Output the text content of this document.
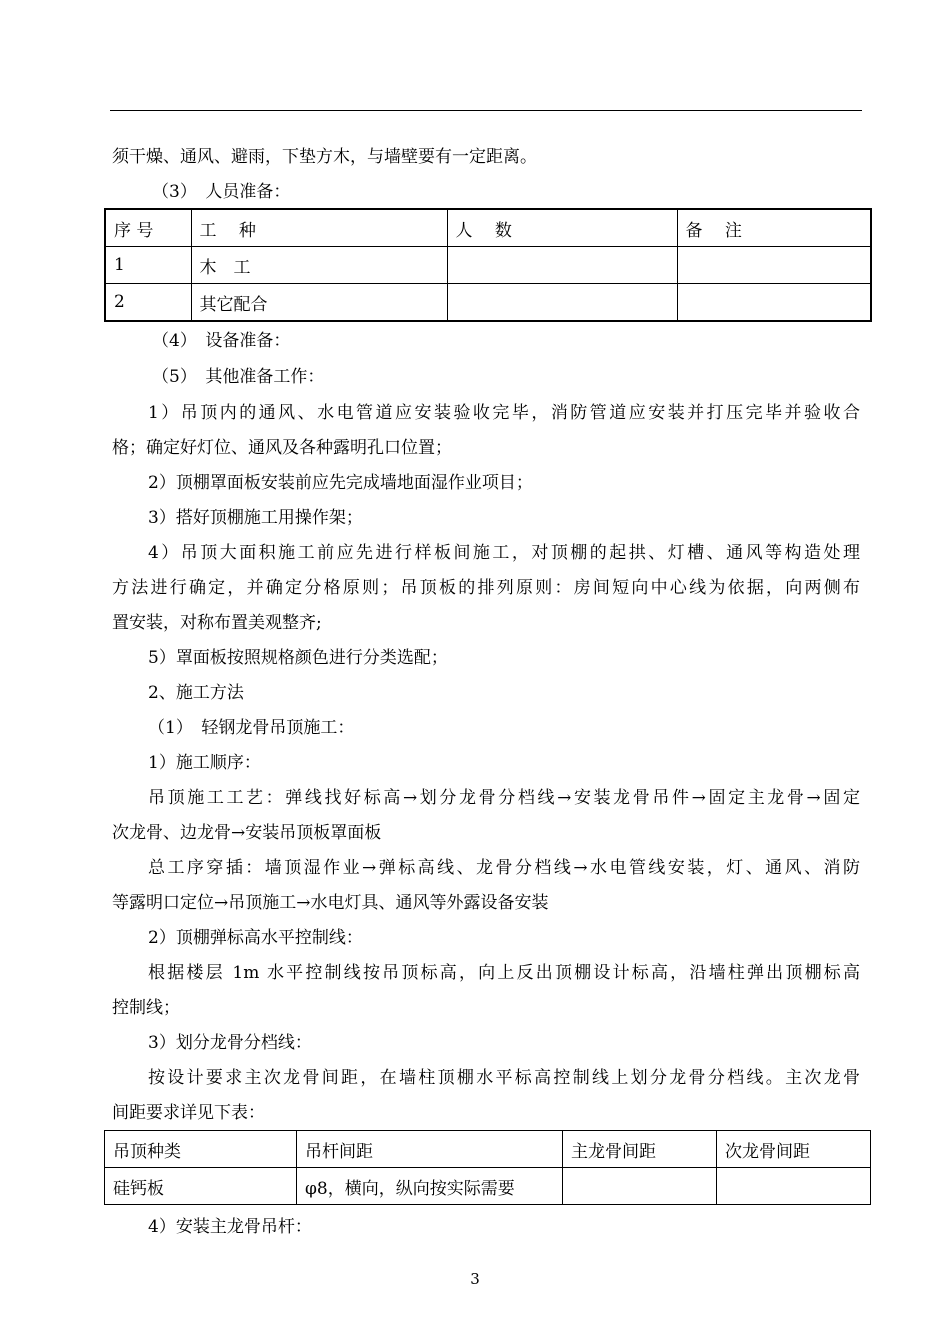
须干燥、通风、避雨，下垫方木，与墙壁要有一定距离。
（3）　人员准备：
序 号	工　 种	人　 数	备　 注
1	木　工		
2	其它配合		
（4）　设备准备：
（5）　其他准备工作：
1）吊顶内的通风、水电管道应安装验收完毕，消防管道应安装并打压完毕并验收合
格；确定好灯位、通风及各种露明孔口位置；
2）顶棚罩面板安装前应先完成墙地面湿作业项目；
3）搭好顶棚施工用操作架；
4）吊顶大面积施工前应先进行样板间施工，对顶棚的起拱、灯槽、通风等构造处理
方法进行确定，并确定分格原则；吊顶板的排列原则：房间短向中心线为依据，向两侧布
置安装，对称布置美观整齐;
5）罩面板按照规格颜色进行分类选配；
2、施工方法
（1）　轻钢龙骨吊顶施工：
1）施工顺序：
吊顶施工工艺：弹线找好标高→划分龙骨分档线→安装龙骨吊件→固定主龙骨→固定
次龙骨、边龙骨→安装吊顶板罩面板
总工序穿插：墙顶湿作业→弹标高线、龙骨分档线→水电管线安装，灯、通风、消防
等露明口定位→吊顶施工→水电灯具、通风等外露设备安装
2）顶棚弹标高水平控制线：
根据楼层 1m 水平控制线按吊顶标高，向上反出顶棚设计标高，沿墙柱弹出顶棚标高
控制线；
3）划分龙骨分档线：
按设计要求主次龙骨间距，在墙柱顶棚水平标高控制线上划分龙骨分档线。主次龙骨
间距要求详见下表：
吊顶种类	吊杆间距	主龙骨间距	次龙骨间距
硅钙板	φ8，横向，纵向按实际需要		
4）安装主龙骨吊杆：
3
